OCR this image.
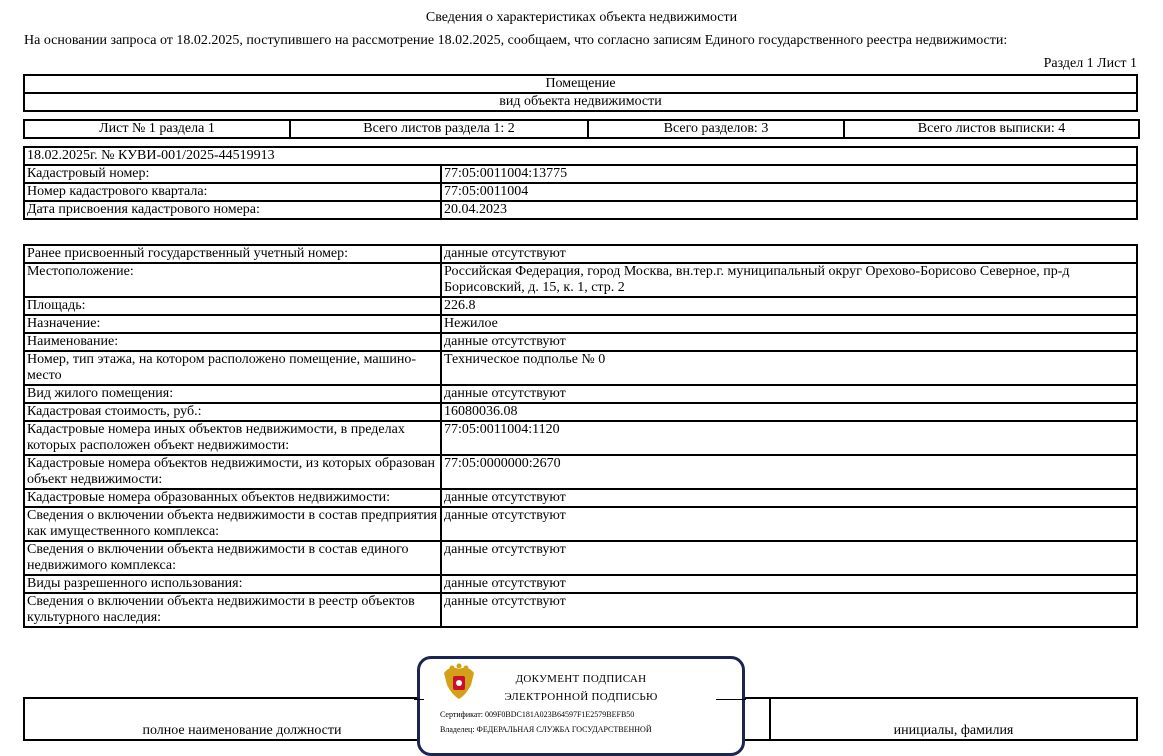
Сведения о характеристиках объекта недвижимости
На основании запроса от 18.02.2025, поступившего на рассмотрение 18.02.2025, сообщаем, что согласно записям Единого государственного реестра недвижимости:
Раздел 1 Лист 1
Помещение
вид объекта недвижимости
Лист № 1 раздела 1	Всего листов раздела 1: 2	Всего разделов: 3	Всего листов выписки: 4
18.02.2025г. № КУВИ-001/2025-44519913	
Кадастровый номер:	77:05:0011004:13775
Номер кадастрового квартала:	77:05:0011004
Дата присвоения кадастрового номера:	20.04.2023
Ранее присвоенный государственный учетный номер:	данные отсутствуют
Местоположение:	Российская Федерация, город Москва, вн.тер.г. муниципальный округ Орехово-Борисово Северное, пр-д Борисовский, д. 15, к. 1, стр. 2
Площадь:	226.8
Назначение:	Нежилое
Наименование:	данные отсутствуют
Номер, тип этажа, на котором расположено помещение, машино-место	Техническое подполье № 0
Вид жилого помещения:	данные отсутствуют
Кадастровая стоимость, руб.:	16080036.08
Кадастровые номера иных объектов недвижимости, в пределах которых расположен объект недвижимости:	77:05:0011004:1120
Кадастровые номера объектов недвижимости, из которых образован объект недвижимости:	77:05:0000000:2670
Кадастровые номера образованных объектов недвижимости:	данные отсутствуют
Сведения о включении объекта недвижимости в состав предприятия как имущественного комплекса:	данные отсутствуют
Сведения о включении объекта недвижимости в состав единого недвижимого комплекса:	данные отсутствуют
Виды разрешенного использования:	данные отсутствуют
Сведения о включении объекта недвижимости в реестр объектов культурного наследия:	данные отсутствуют
полное наименование должности		инициалы, фамилия
ДОКУМЕНТ ПОДПИСАН
ЭЛЕКТРОННОЙ ПОДПИСЬЮ
Сертификат: 009F0BDC181A023B64597F1E2579BEFB50
Владелец: ФЕДЕРАЛЬНАЯ СЛУЖБА ГОСУДАРСТВЕННОЙ
